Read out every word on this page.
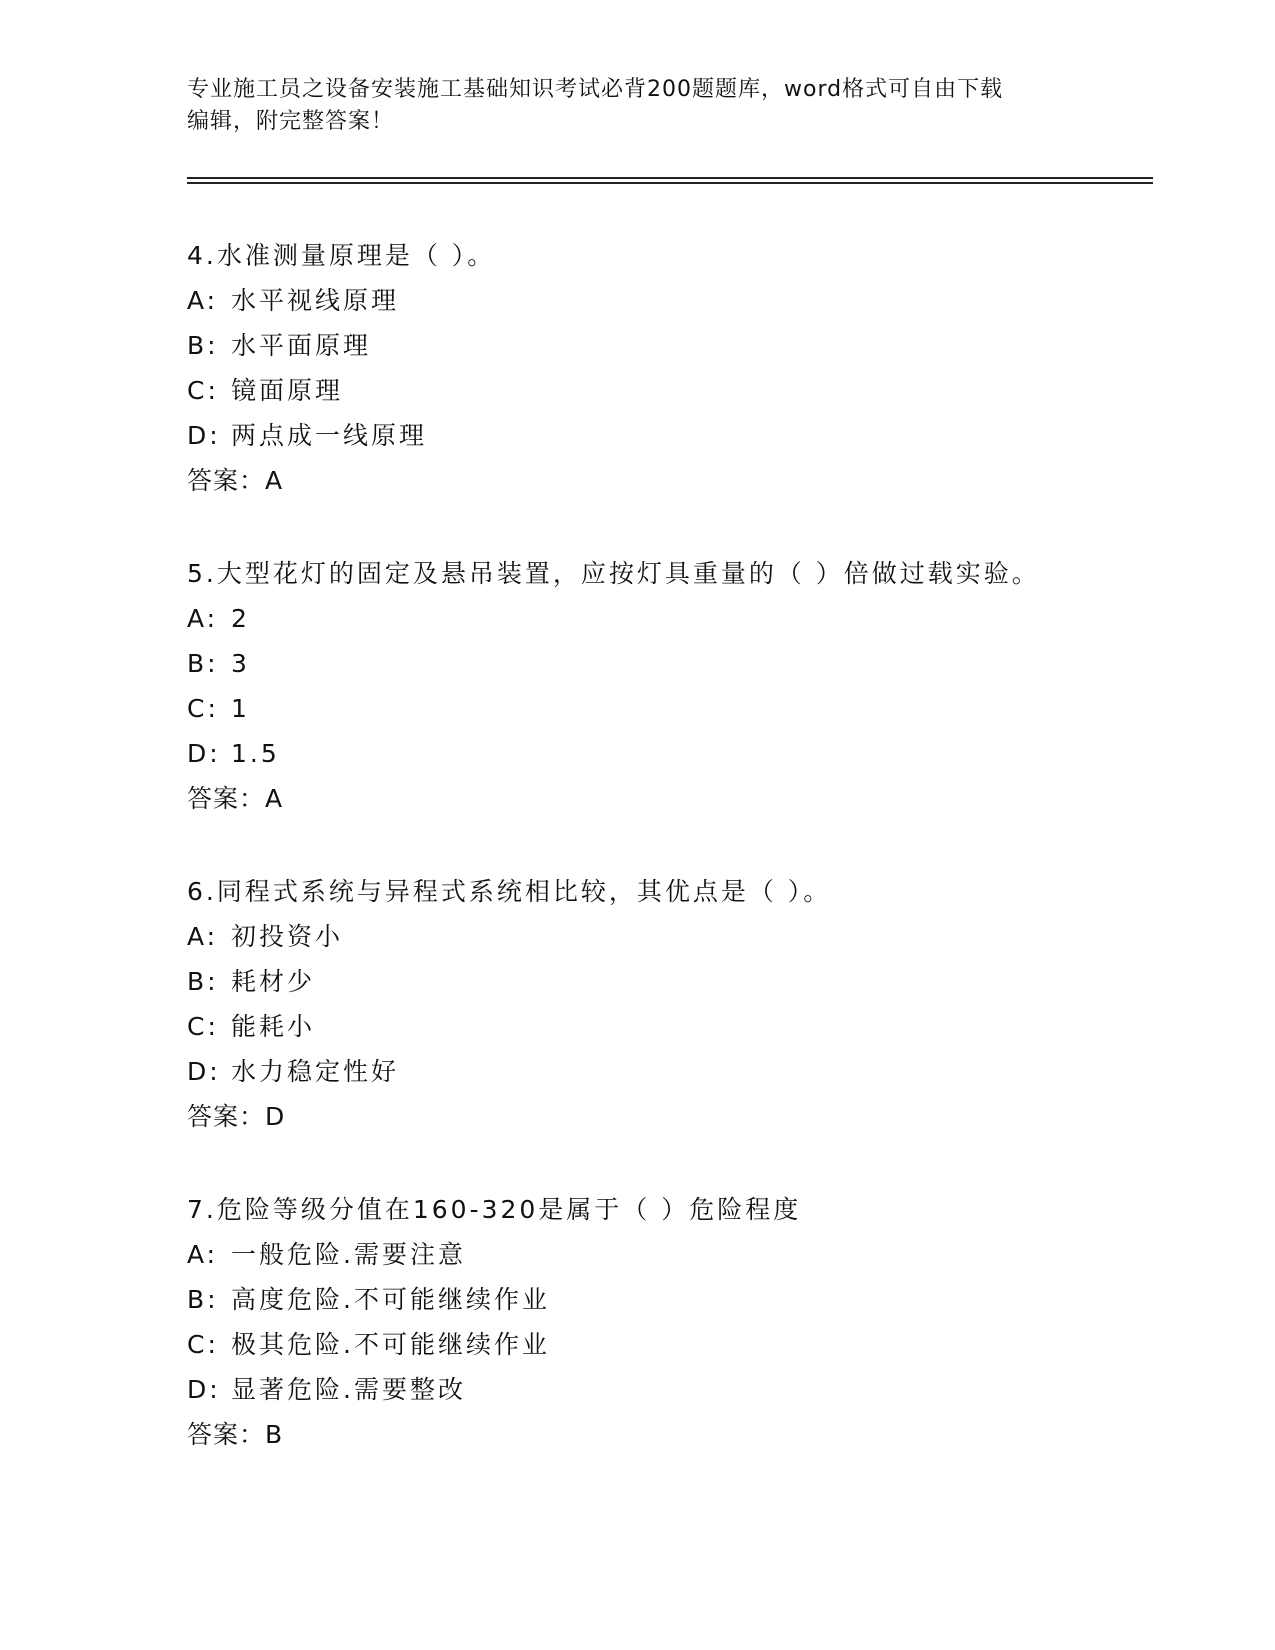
专业施工员之设备安装施工基础知识考试必背200题题库，word格式可自由下载
编辑，附完整答案！
4.水准测量原理是（ ）。
A: 水平视线原理
B: 水平面原理
C: 镜面原理
D: 两点成一线原理
答案：A
5.大型花灯的固定及悬吊装置，应按灯具重量的（ ）倍做过载实验。
A: 2
B: 3
C: 1
D: 1.5
答案：A
6.同程式系统与异程式系统相比较，其优点是（ ）。
A: 初投资小
B: 耗材少
C: 能耗小
D: 水力稳定性好
答案：D
7.危险等级分值在160-320是属于（ ）危险程度
A: 一般危险.需要注意
B: 高度危险.不可能继续作业
C: 极其危险.不可能继续作业
D: 显著危险.需要整改
答案：B
